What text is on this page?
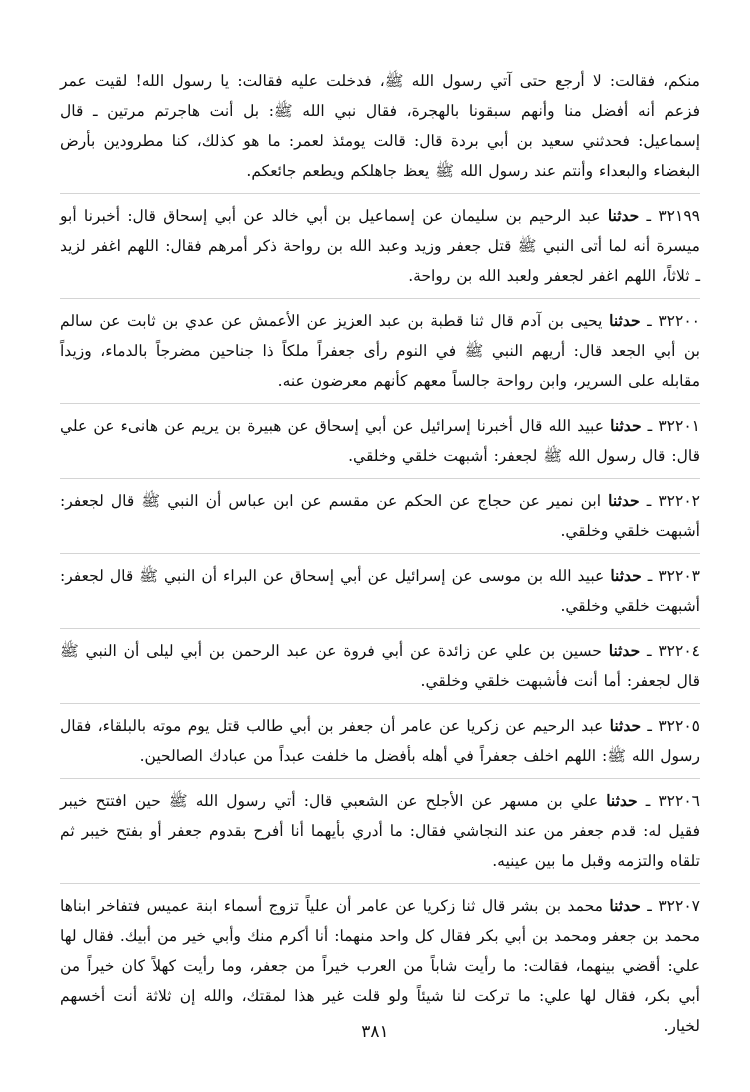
منكم، فقالت: لا أرجع حتى آتي رسول الله ﷺ، فدخلت عليه فقالت: يا رسول الله! لقيت عمر فزعم أنه أفضل منا وأنهم سبقونا بالهجرة، فقال نبي الله ﷺ: بل أنت هاجرتم مرتين ـ قال إسماعيل: فحدثني سعيد بن أبي بردة قال: قالت يومئذ لعمر: ما هو كذلك، كنا مطرودين بأرض البغضاء والبعداء وأنتم عند رسول الله ﷺ يعظ جاهلكم ويطعم جائعكم.
٣٢١٩٩ ـ حدثنا عبد الرحيم بن سليمان عن إسماعيل بن أبي خالد عن أبي إسحاق قال: أخبرنا أبو ميسرة أنه لما أتى النبي ﷺ قتل جعفر وزيد وعبد الله بن رواحة ذكر أمرهم فقال: اللهم اغفر لزيد ـ ثلاثاً، اللهم اغفر لجعفر ولعبد الله بن رواحة.
٣٢٢٠٠ ـ حدثنا يحيى بن آدم قال ثنا قطبة بن عبد العزيز عن الأعمش عن عدي بن ثابت عن سالم بن أبي الجعد قال: أريهم النبي ﷺ في النوم رأى جعفراً ملكاً ذا جناحين مضرجاً بالدماء، وزيداً مقابله على السرير، وابن رواحة جالساً معهم كأنهم معرضون عنه.
٣٢٢٠١ ـ حدثنا عبيد الله قال أخبرنا إسرائيل عن أبي إسحاق عن هبيرة بن يريم عن هانىء عن علي قال: قال رسول الله ﷺ لجعفر: أشبهت خلقي وخلقي.
٣٢٢٠٢ ـ حدثنا ابن نمير عن حجاج عن الحكم عن مقسم عن ابن عباس أن النبي ﷺ قال لجعفر: أشبهت خلقي وخلقي.
٣٢٢٠٣ ـ حدثنا عبيد الله بن موسى عن إسرائيل عن أبي إسحاق عن البراء أن النبي ﷺ قال لجعفر: أشبهت خلقي وخلقي.
٣٢٢٠٤ ـ حدثنا حسين بن علي عن زائدة عن أبي فروة عن عبد الرحمن بن أبي ليلى أن النبي ﷺ قال لجعفر: أما أنت فأشبهت خلقي وخلقي.
٣٢٢٠٥ ـ حدثنا عبد الرحيم عن زكريا عن عامر أن جعفر بن أبي طالب قتل يوم موته بالبلقاء، فقال رسول الله ﷺ: اللهم اخلف جعفراً في أهله بأفضل ما خلفت عبداً من عبادك الصالحين.
٣٢٢٠٦ ـ حدثنا علي بن مسهر عن الأجلح عن الشعبي قال: أتي رسول الله ﷺ حين افتتح خيبر فقيل له: قدم جعفر من عند النجاشي فقال: ما أدري بأيهما أنا أفرح بقدوم جعفر أو بفتح خيبر ثم تلقاه والتزمه وقبل ما بين عينيه.
٣٢٢٠٧ ـ حدثنا محمد بن بشر قال ثنا زكريا عن عامر أن علياً تزوج أسماء ابنة عميس فتفاخر ابناها محمد بن جعفر ومحمد بن أبي بكر فقال كل واحد منهما: أنا أكرم منك وأبي خير من أبيك. فقال لها علي: أقضي بينهما، فقالت: ما رأيت شاباً من العرب خيراً من جعفر، وما رأيت كهلاً كان خيراً من أبي بكر، فقال لها علي: ما تركت لنا شيئاً ولو قلت غير هذا لمقتك، والله إن ثلاثة أنت أخسهم لخيار.
٣٨١
